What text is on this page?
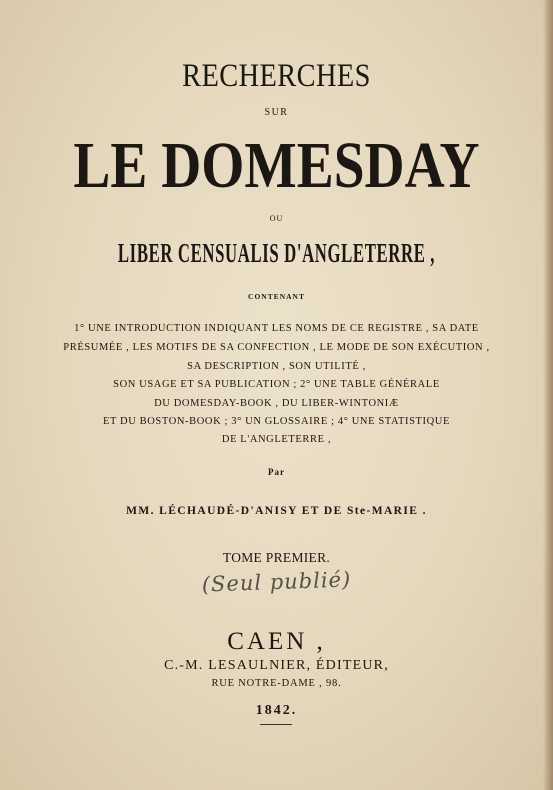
RECHERCHES
SUR
LE DOMESDAY
OU
LIBER CENSUALIS D'ANGLETERRE ,
CONTENANT
1° UNE INTRODUCTION INDIQUANT LES NOMS DE CE REGISTRE , SA DATE
PRÉSUMÉE , LES MOTIFS DE SA CONFECTION , LE MODE DE SON EXÉCUTION ,
SA DESCRIPTION , SON UTILITÉ ,
SON USAGE ET SA PUBLICATION ; 2° UNE TABLE GÉNÉRALE
DU DOMESDAY-BOOK , DU LIBER-WINTONIÆ
ET DU BOSTON-BOOK ; 3° UN GLOSSAIRE ; 4° UNE STATISTIQUE
DE L'ANGLETERRE ,
Par
MM. LÉCHAUDÉ-D'ANISY ET DE Ste-MARIE .
TOME PREMIER.
(Seul publié)
CAEN ,
C.-M. LESAULNIER, ÉDITEUR,
RUE NOTRE-DAME , 98.
1842.
